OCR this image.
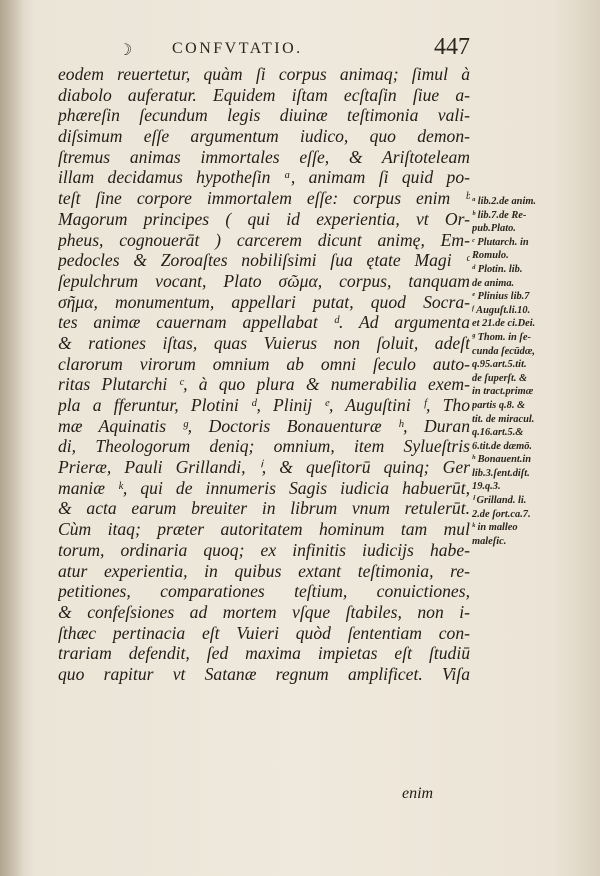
☽ CONFVTATIO.	447
eodem reuertetur, quàm ſi corpus animaq; ſimul à
diabolo auferatur. Equidem iſtam ecſtaſin ſiue a-
phæreſin ſecundum legis diuinæ teſtimonia vali-
diſsimum eſſe argumentum iudico, quo demon-
ſtremus animas immortales eſſe, & Ariſtoteleam
illam decidamus hypotheſin ᵃ, animam ſi quid po-
teſt ſine corpore immortalem eſſe: corpus enim ᵇ
Magorum principes ( qui id experientia, vt Or-
pheus, cognouerāt ) carcerem dicunt animę, Em-
pedocles & Zoroaſtes nobiliſsimi ſua ętate Magi ᶜ
ſepulchrum vocant, Plato σῶμα, corpus, tanquam
σῆμα, monumentum, appellari putat, quod Socra-
tes animæ cauernam appellabat ᵈ. Ad argumenta
& rationes iſtas, quas Vuierus non ſoluit, adeſt
clarorum virorum omnium ab omni ſeculo auto-
ritas Plutarchi ᶜ, à quo plura & numerabilia exem-
pla a fferuntur, Plotini ᵈ, Plinij ᵉ, Auguſtini ᶠ, Tho
mæ Aquinatis ᵍ, Doctoris Bonauenturæ ʰ, Duran
di, Theologorum deniq; omnium, item Syluеſtris
Prieræ, Pauli Grillandi, ⁱ, & queſitorū quinq; Ger
maniæ ᵏ, qui de innumeris Sagis iudicia habuerūt,
& acta earum breuiter in librum vnum retulerūt.
Cùm itaq; præter autoritatem hominum tam mul
torum, ordinaria quoq; ex infinitis iudicijs habe-
atur experientia, in quibus extant teſtimonia, re-
petitiones, comparationes teſtium, conuictiones,
& confeſsiones ad mortem vſque ſtabiles, non i-
ſthæc pertinacia eſt Vuieri quòd ſententiam con-
trariam defendit, ſed maxima impietas eſt ſtudiū
quo rapitur vt Satanæ regnum amplificet. Viſa
ᵃ lib.2.de anim.
ᵇ lib.7.de Re-
pub.Plato.
ᶜ Plutarch. in
Romulo.
ᵈ Plotin. lib.
de anima.
ᵉ Plinius lib.7
ᶠ Auguſt.li.10.
et 21.de ci.Dei.
ᵍ Thom. in ſe-
cunda ſecūdæ,
q.95.art.5.tit.
de ſuperſt. &
in tract.primæ
partis q.8. &
tit. de miracul.
q.16.art.5.&
6.tit.de dæmō.
ʰ Bonauent.in
lib.3.ſent.diſt.
19.q.3.
ⁱ Grilland. li.
2.de ſort.ca.7.
ᵏ in malleo
maleſic.
enim
